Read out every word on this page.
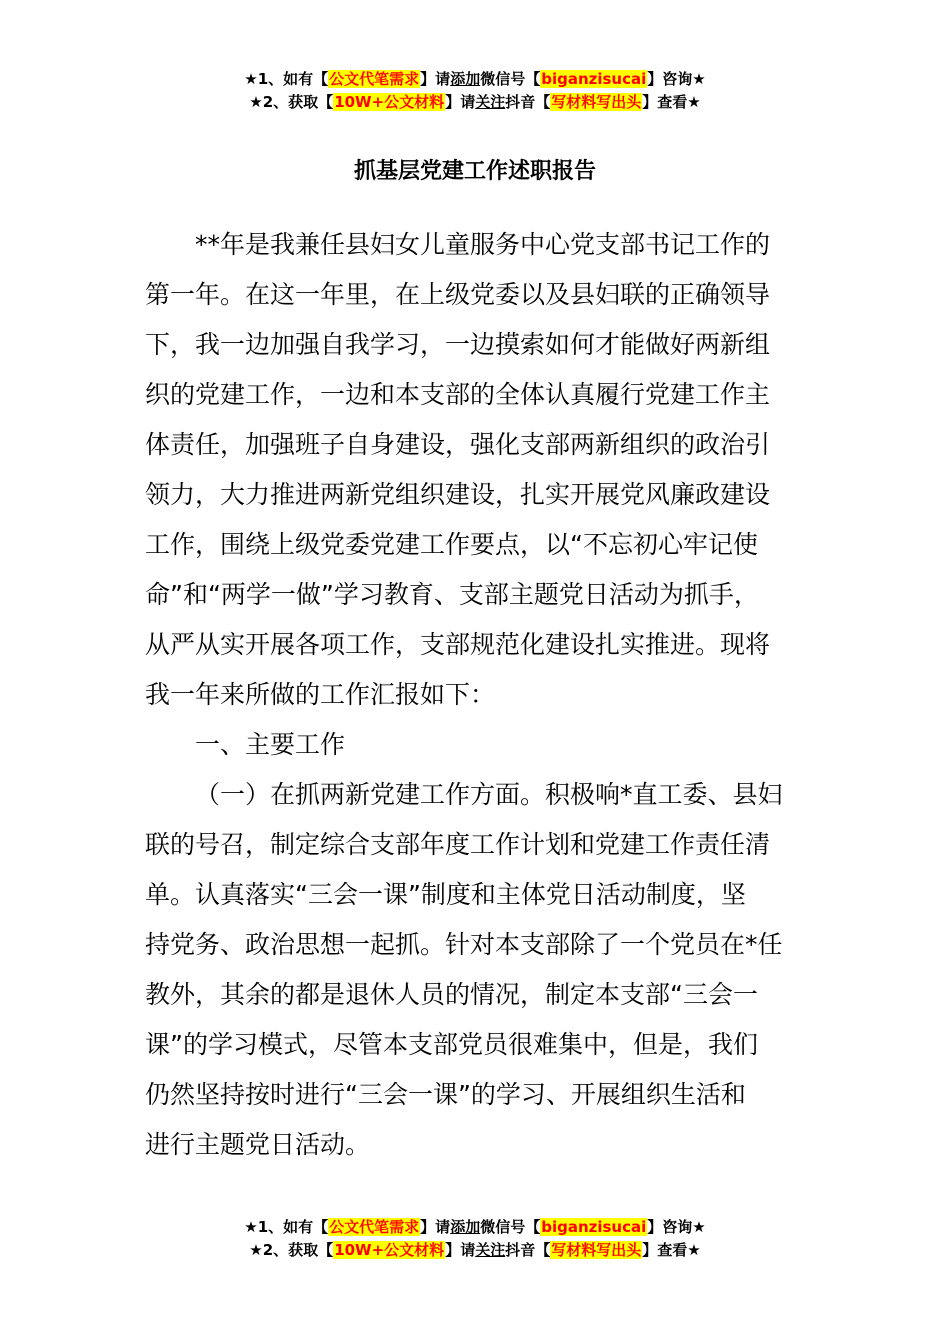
★1、如有【公文代笔需求】请添加微信号【biganzisucai】咨询★
★2、获取【10W+公文材料】请关注抖音【写材料写出头】查看★
抓基层党建工作述职报告

**年是我兼任县妇女儿童服务中心党支部书记工作的
第一年。在这一年里，在上级党委以及县妇联的正确领导
下，我一边加强自我学习，一边摸索如何才能做好两新组
织的党建工作，一边和本支部的全体认真履行党建工作主
体责任，加强班子自身建设，强化支部两新组织的政治引
领力，大力推进两新党组织建设，扎实开展党风廉政建设
工作，围绕上级党委党建工作要点，以“不忘初心牢记使
命”和“两学一做”学习教育、支部主题党日活动为抓手，
从严从实开展各项工作，支部规范化建设扎实推进。现将
我一年来所做的工作汇报如下：

一、主要工作

（一）在抓两新党建工作方面。积极响*直工委、县妇
联的号召，制定综合支部年度工作计划和党建工作责任清
单。认真落实“三会一课”制度和主体党日活动制度，坚
持党务、政治思想一起抓。针对本支部除了一个党员在*任
教外，其余的都是退休人员的情况，制定本支部“三会一
课”的学习模式，尽管本支部党员很难集中，但是，我们
仍然坚持按时进行“三会一课”的学习、开展组织生活和
进行主题党日活动。

★1、如有【公文代笔需求】请添加微信号【biganzisucai】咨询★
★2、获取【10W+公文材料】请关注抖音【写材料写出头】查看★
